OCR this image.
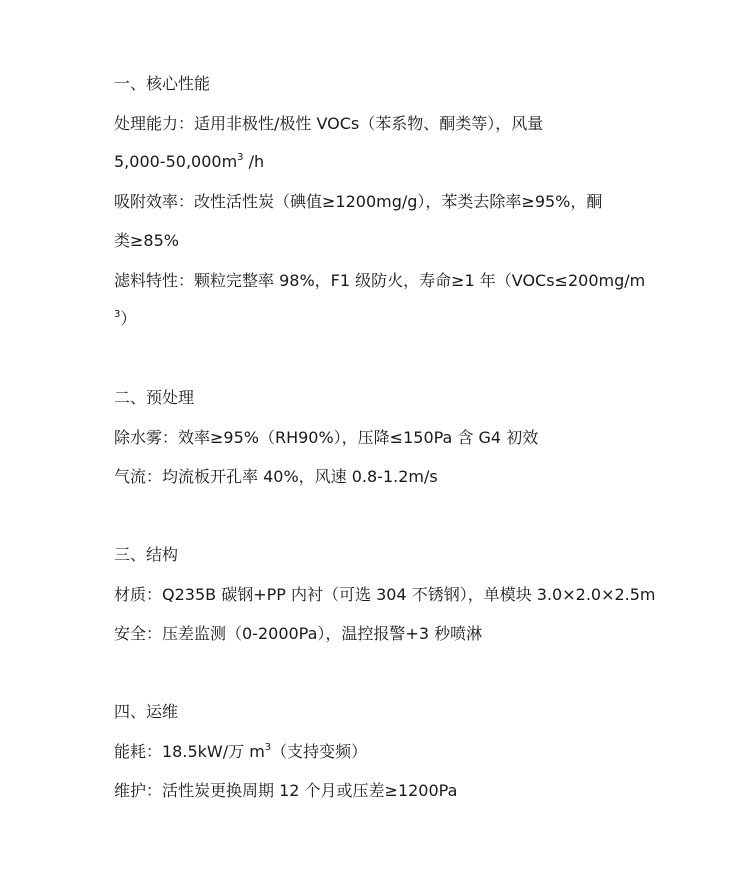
一、核心性能
处理能力：适用非极性/极性 VOCs（苯系物、酮类等），风量
$5,000-50,000m^3$ /h
吸附效率：改性活性炭（碘值≥1200mg/g），苯类去除率≥95%，酮
类≥85%
滤料特性：颗粒完整率 98%，F1 级防火，寿命≥1 年（VOCs≤200mg/m
$^3$）
二、预处理
除水雾：效率≥95%（RH90%），压降≤150Pa 含 G4 初效
气流：均流板开孔率 40%，风速 0.8-1.2m/s
三、结构
材质：Q235B 碳钢+PP 内衬（可选 304 不锈钢），单模块 3.0×2.0×2.5m
安全：压差监测（0-2000Pa），温控报警+3 秒喷淋
四、运维
能耗：18.5kW/万 $m^3$（支持变频）
维护：活性炭更换周期 12 个月或压差≥1200Pa
